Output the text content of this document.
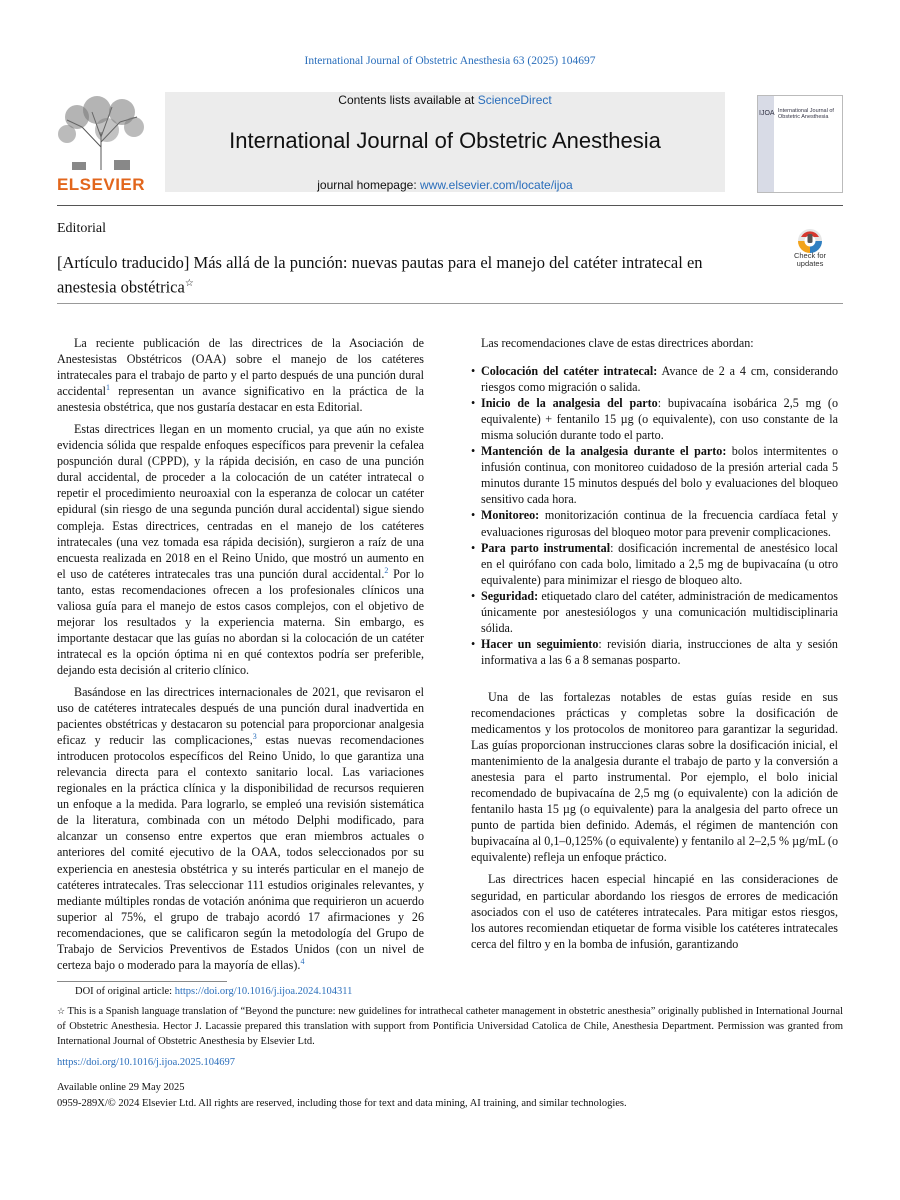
International Journal of Obstetric Anesthesia 63 (2025) 104697
ELSEVIER
Contents lists available at ScienceDirect
International Journal of Obstetric Anesthesia
journal homepage: www.elsevier.com/locate/ijoa
IJOA International Journal of Obstetric Anesthesia
Editorial
[Artículo traducido] Más allá de la punción: nuevas pautas para el manejo del catéter intratecal en anestesia obstétrica☆
Check for updates

La reciente publicación de las directrices de la Asociación de Anestesistas Obstétricos (OAA) sobre el manejo de los catéteres intratecales para el trabajo de parto y el parto después de una punción dural accidental$^1$ representan un avance significativo en la práctica de la anestesia obstétrica, que nos gustaría destacar en esta Editorial.

Estas directrices llegan en un momento crucial, ya que aún no existe evidencia sólida que respalde enfoques específicos para prevenir la cefalea pospunción dural (CPPD), y la rápida decisión, en caso de una punción dural accidental, de proceder a la colocación de un catéter intratecal o repetir el procedimiento neuroaxial con la esperanza de colocar un catéter epidural (sin riesgo de una segunda punción dural accidental) sigue siendo compleja. Estas directrices, centradas en el manejo de los catéteres intratecales (una vez tomada esa rápida decisión), surgieron a raíz de una encuesta realizada en 2018 en el Reino Unido, que mostró un aumento en el uso de catéteres intratecales tras una punción dural accidental.$^2$ Por lo tanto, estas recomendaciones ofrecen a los profesionales clínicos una valiosa guía para el manejo de estos casos complejos, con el objetivo de mejorar los resultados y la experiencia materna. Sin embargo, es importante destacar que las guías no abordan si la colocación de un catéter intratecal es la opción óptima ni en qué contextos podría ser preferible, dejando esta decisión al criterio clínico.

Basándose en las directrices internacionales de 2021, que revisaron el uso de catéteres intratecales después de una punción dural inadvertida en pacientes obstétricas y destacaron su potencial para proporcionar analgesia eficaz y reducir las complicaciones,$^3$ estas nuevas recomendaciones introducen protocolos específicos del Reino Unido, lo que garantiza una relevancia directa para el contexto sanitario local. Las variaciones regionales en la práctica clínica y la disponibilidad de recursos requieren un enfoque a la medida. Para lograrlo, se empleó una revisión sistemática de la literatura, combinada con un método Delphi modificado, para alcanzar un consenso entre expertos que eran miembros actuales o anteriores del comité ejecutivo de la OAA, todos seleccionados por su experiencia en anestesia obstétrica y su interés particular en el manejo de catéteres intratecales. Tras seleccionar 111 estudios originales relevantes, y mediante múltiples rondas de votación anónima que requirieron un acuerdo superior al 75%, el grupo de trabajo acordó 17 afirmaciones y 26 recomendaciones, que se calificaron según la metodología del Grupo de Trabajo de Servicios Preventivos de Estados Unidos (con un nivel de certeza bajo o moderado para la mayoría de ellas).$^4$

Las recomendaciones clave de estas directrices abordan:

• Colocación del catéter intratecal: Avance de 2 a 4 cm, considerando riesgos como migración o salida.
• Inicio de la analgesia del parto: bupivacaína isobárica 2,5 mg (o equivalente) + fentanilo 15 µg (o equivalente), con uso constante de la misma solución durante todo el parto.
• Mantención de la analgesia durante el parto: bolos intermitentes o infusión continua, con monitoreo cuidadoso de la presión arterial cada 5 minutos durante 15 minutos después del bolo y evaluaciones del bloqueo sensitivo cada hora.
• Monitoreo: monitorización continua de la frecuencia cardíaca fetal y evaluaciones rigurosas del bloqueo motor para prevenir complicaciones.
• Para parto instrumental: dosificación incremental de anestésico local en el quirófano con cada bolo, limitado a 2,5 mg de bupivacaína (u otro equivalente) para minimizar el riesgo de bloqueo alto.
• Seguridad: etiquetado claro del catéter, administración de medicamentos únicamente por anestesiólogos y una comunicación multidisciplinaria sólida.
• Hacer un seguimiento: revisión diaria, instrucciones de alta y sesión informativa a las 6 a 8 semanas posparto.

Una de las fortalezas notables de estas guías reside en sus recomendaciones prácticas y completas sobre la dosificación de medicamentos y los protocolos de monitoreo para garantizar la seguridad. Las guías proporcionan instrucciones claras sobre la dosificación inicial, el mantenimiento de la analgesia durante el trabajo de parto y la conversión a anestesia para el parto instrumental. Por ejemplo, el bolo inicial recomendado de bupivacaína de 2,5 mg (o equivalente) con la adición de fentanilo hasta 15 µg (o equivalente) para la analgesia del parto ofrece un punto de partida bien definido. Además, el régimen de mantención con bupivacaína al 0,1–0,125% (o equivalente) y fentanilo al 2–2,5 % µg/mL (o equivalente) refleja un enfoque práctico.

Las directrices hacen especial hincapié en las consideraciones de seguridad, en particular abordando los riesgos de errores de medicación asociados con el uso de catéteres intratecales. Para mitigar estos riesgos, los autores recomiendan etiquetar de forma visible los catéteres intratecales cerca del filtro y en la bomba de infusión, garantizando

DOI of original article: https://doi.org/10.1016/j.ijoa.2024.104311
☆ This is a Spanish language translation of “Beyond the puncture: new guidelines for intrathecal catheter management in obstetric anesthesia” originally published in International Journal of Obstetric Anesthesia. Hector J. Lacassie prepared this translation with support from Pontificia Universidad Catolica de Chile, Anesthesia Department. Permission was granted from International Journal of Obstetric Anesthesia by Elsevier Ltd.
https://doi.org/10.1016/j.ijoa.2025.104697
Available online 29 May 2025
0959-289X/© 2024 Elsevier Ltd. All rights are reserved, including those for text and data mining, AI training, and similar technologies.
